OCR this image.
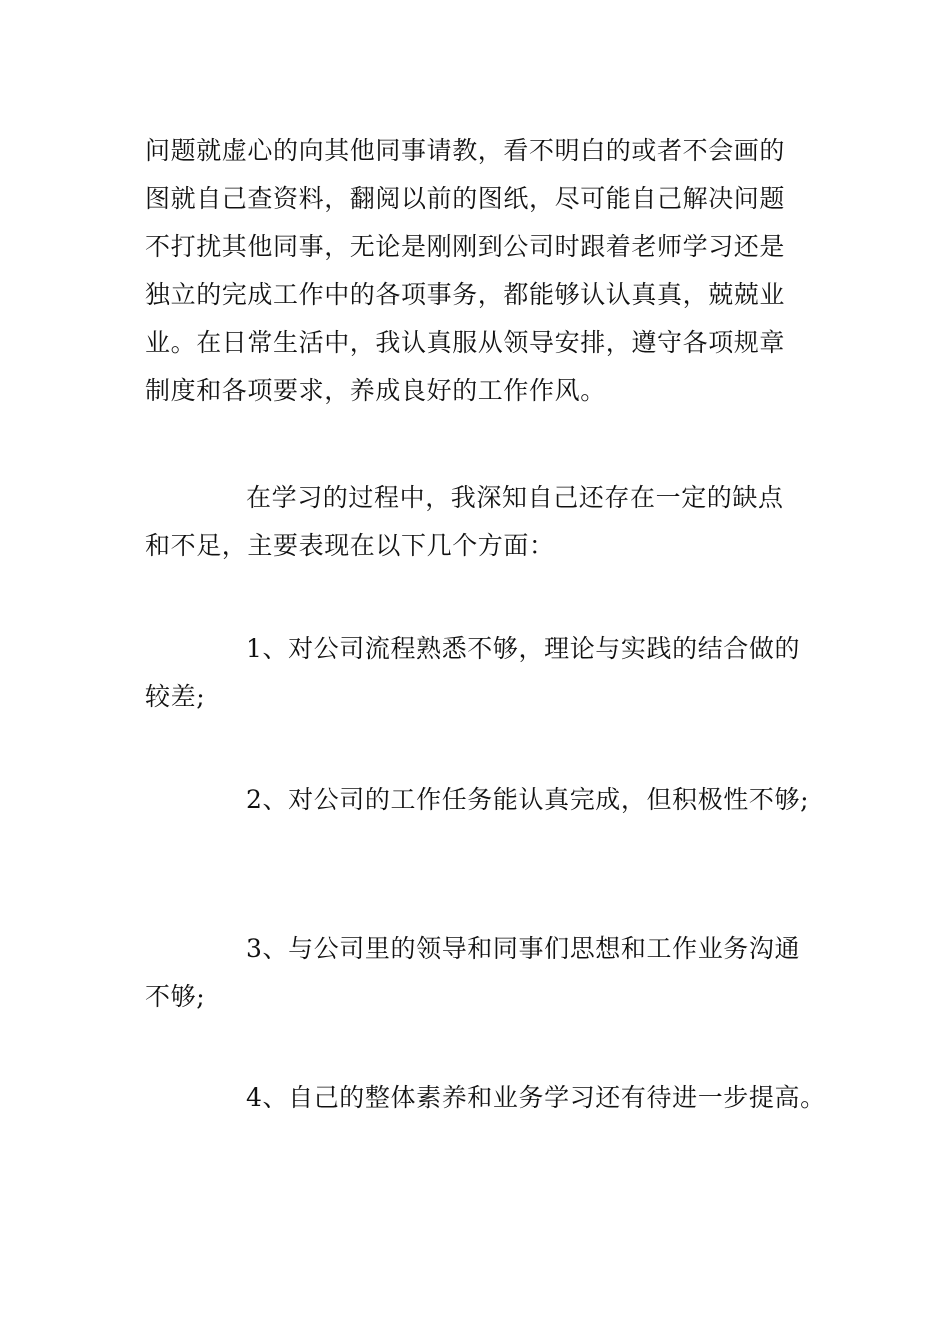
问题就虚心的向其他同事请教，看不明白的或者不会画的
图就自己查资料，翻阅以前的图纸，尽可能自己解决问题
不打扰其他同事，无论是刚刚到公司时跟着老师学习还是
独立的完成工作中的各项事务，都能够认认真真，兢兢业
业。在日常生活中，我认真服从领导安排，遵守各项规章
制度和各项要求，养成良好的工作作风。
在学习的过程中，我深知自己还存在一定的缺点
和不足，主要表现在以下几个方面：
1、对公司流程熟悉不够，理论与实践的结合做的
较差;
2、对公司的工作任务能认真完成，但积极性不够;
3、与公司里的领导和同事们思想和工作业务沟通
不够;
4、自己的整体素养和业务学习还有待进一步提高。
